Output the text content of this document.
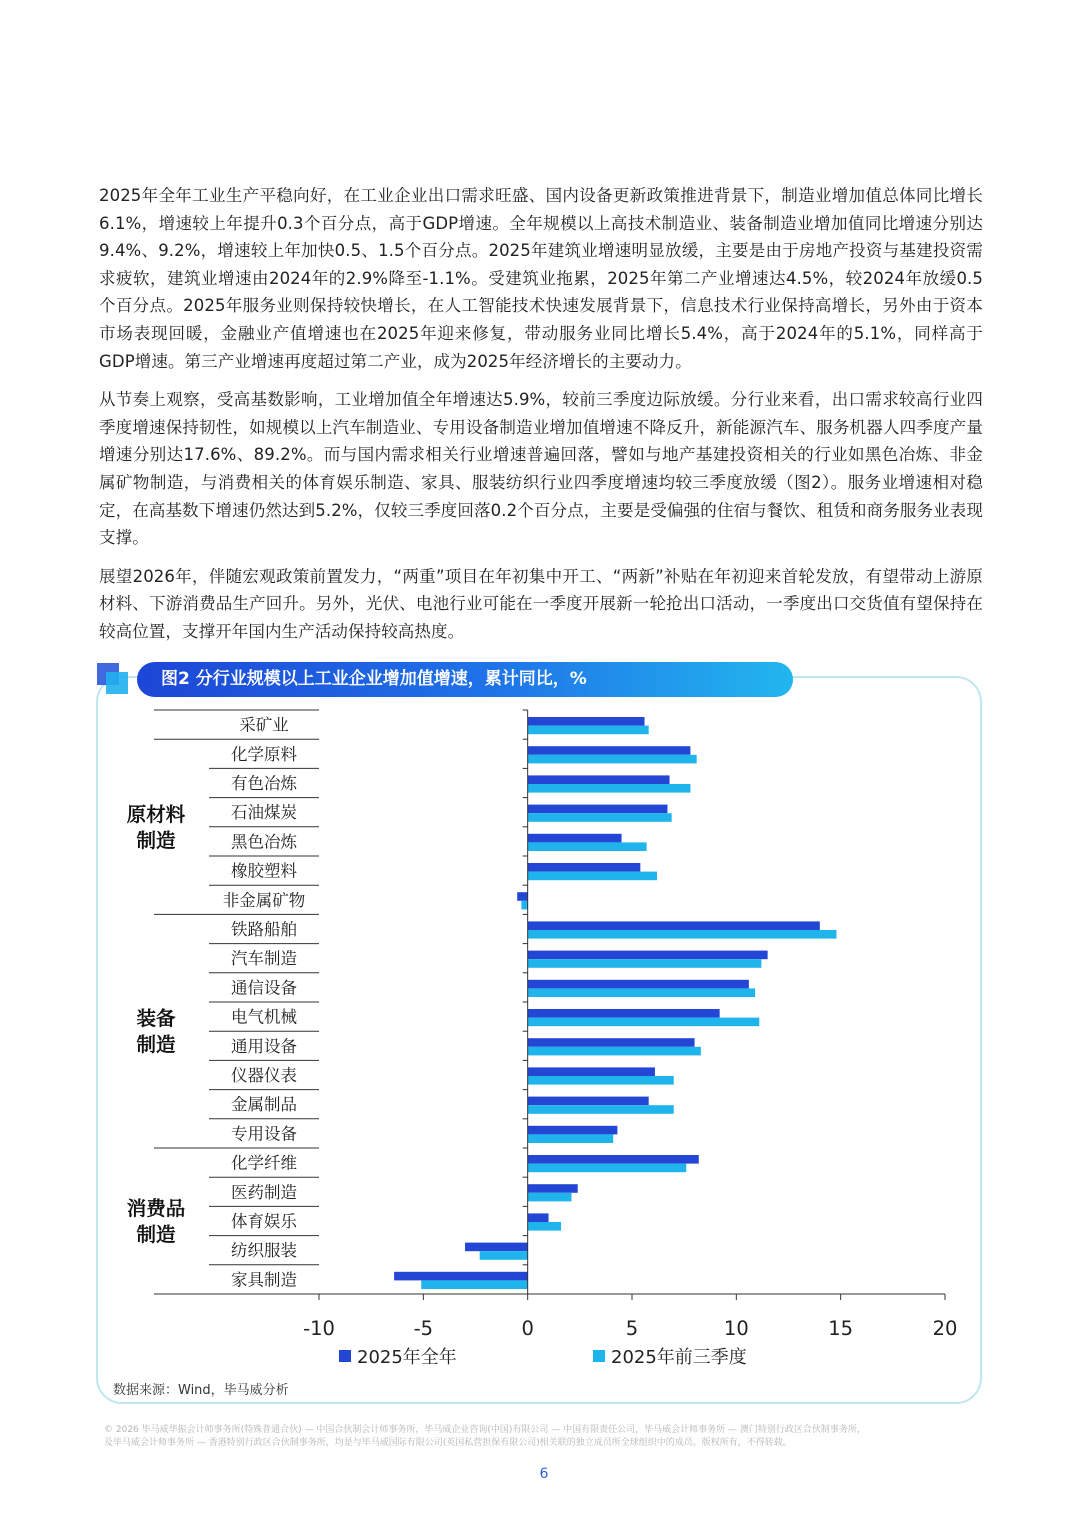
2025年全年工业生产平稳向好，在工业企业出口需求旺盛、国内设备更新政策推进背景下，制造业增加值总体同比增长6.1%，增速较上年提升0.3个百分点，高于GDP增速。全年规模以上高技术制造业、装备制造业增加值同比增速分别达9.4%、9.2%，增速较上年加快0.5、1.5个百分点。2025年建筑业增速明显放缓，主要是由于房地产投资与基建投资需求疲软，建筑业增速由2024年的2.9%降至-1.1%。受建筑业拖累，2025年第二产业增速达4.5%，较2024年放缓0.5个百分点。2025年服务业则保持较快增长，在人工智能技术快速发展背景下，信息技术行业保持高增长，另外由于资本市场表现回暖，金融业产值增速也在2025年迎来修复，带动服务业同比增长5.4%，高于2024年的5.1%，同样高于GDP增速。第三产业增速再度超过第二产业，成为2025年经济增长的主要动力。

从节奏上观察，受高基数影响，工业增加值全年增速达5.9%，较前三季度边际放缓。分行业来看，出口需求较高行业四季度增速保持韧性，如规模以上汽车制造业、专用设备制造业增加值增速不降反升，新能源汽车、服务机器人四季度产量增速分别达17.6%、89.2%。而与国内需求相关行业增速普遍回落，譬如与地产基建投资相关的行业如黑色冶炼、非金属矿物制造，与消费相关的体育娱乐制造、家具、服装纺织行业四季度增速均较三季度放缓（图2）。服务业增速相对稳定，在高基数下增速仍然达到5.2%，仅较三季度回落0.2个百分点，主要是受偏强的住宿与餐饮、租赁和商务服务业表现支撑。

展望2026年，伴随宏观政策前置发力，“两重”项目在年初集中开工、“两新”补贴在年初迎来首轮发放，有望带动上游原材料、下游消费品生产回升。另外，光伏、电池行业可能在一季度开展新一轮抢出口活动，一季度出口交货值有望保持在较高位置，支撑开年国内生产活动保持较高热度。

图2 分行业规模以上工业企业增加值增速，累计同比，%
采矿业
化学原料
有色冶炼
石油煤炭
黑色冶炼
橡胶塑料
非金属矿物
铁路船舶
汽车制造
通信设备
电气机械
通用设备
仪器仪表
金属制品
专用设备
化学纤维
医药制造
体育娱乐
纺织服装
家具制造
原材料
制造
装备
制造
消费品
制造
-10	-5	0	5	10	15	20
2025年全年	2025年前三季度
数据来源：Wind，毕马威分析
© 2026 毕马威华振会计师事务所(特殊普通合伙) — 中国合伙制会计师事务所，毕马威企业咨询(中国)有限公司 — 中国有限责任公司，毕马威会计师事务所 — 澳门特别行政区合伙制事务所，
及毕马威会计师事务所 — 香港特别行政区合伙制事务所，均是与毕马威国际有限公司(英国私营担保有限公司)相关联的独立成员所全球组织中的成员。版权所有，不得转载。
6
